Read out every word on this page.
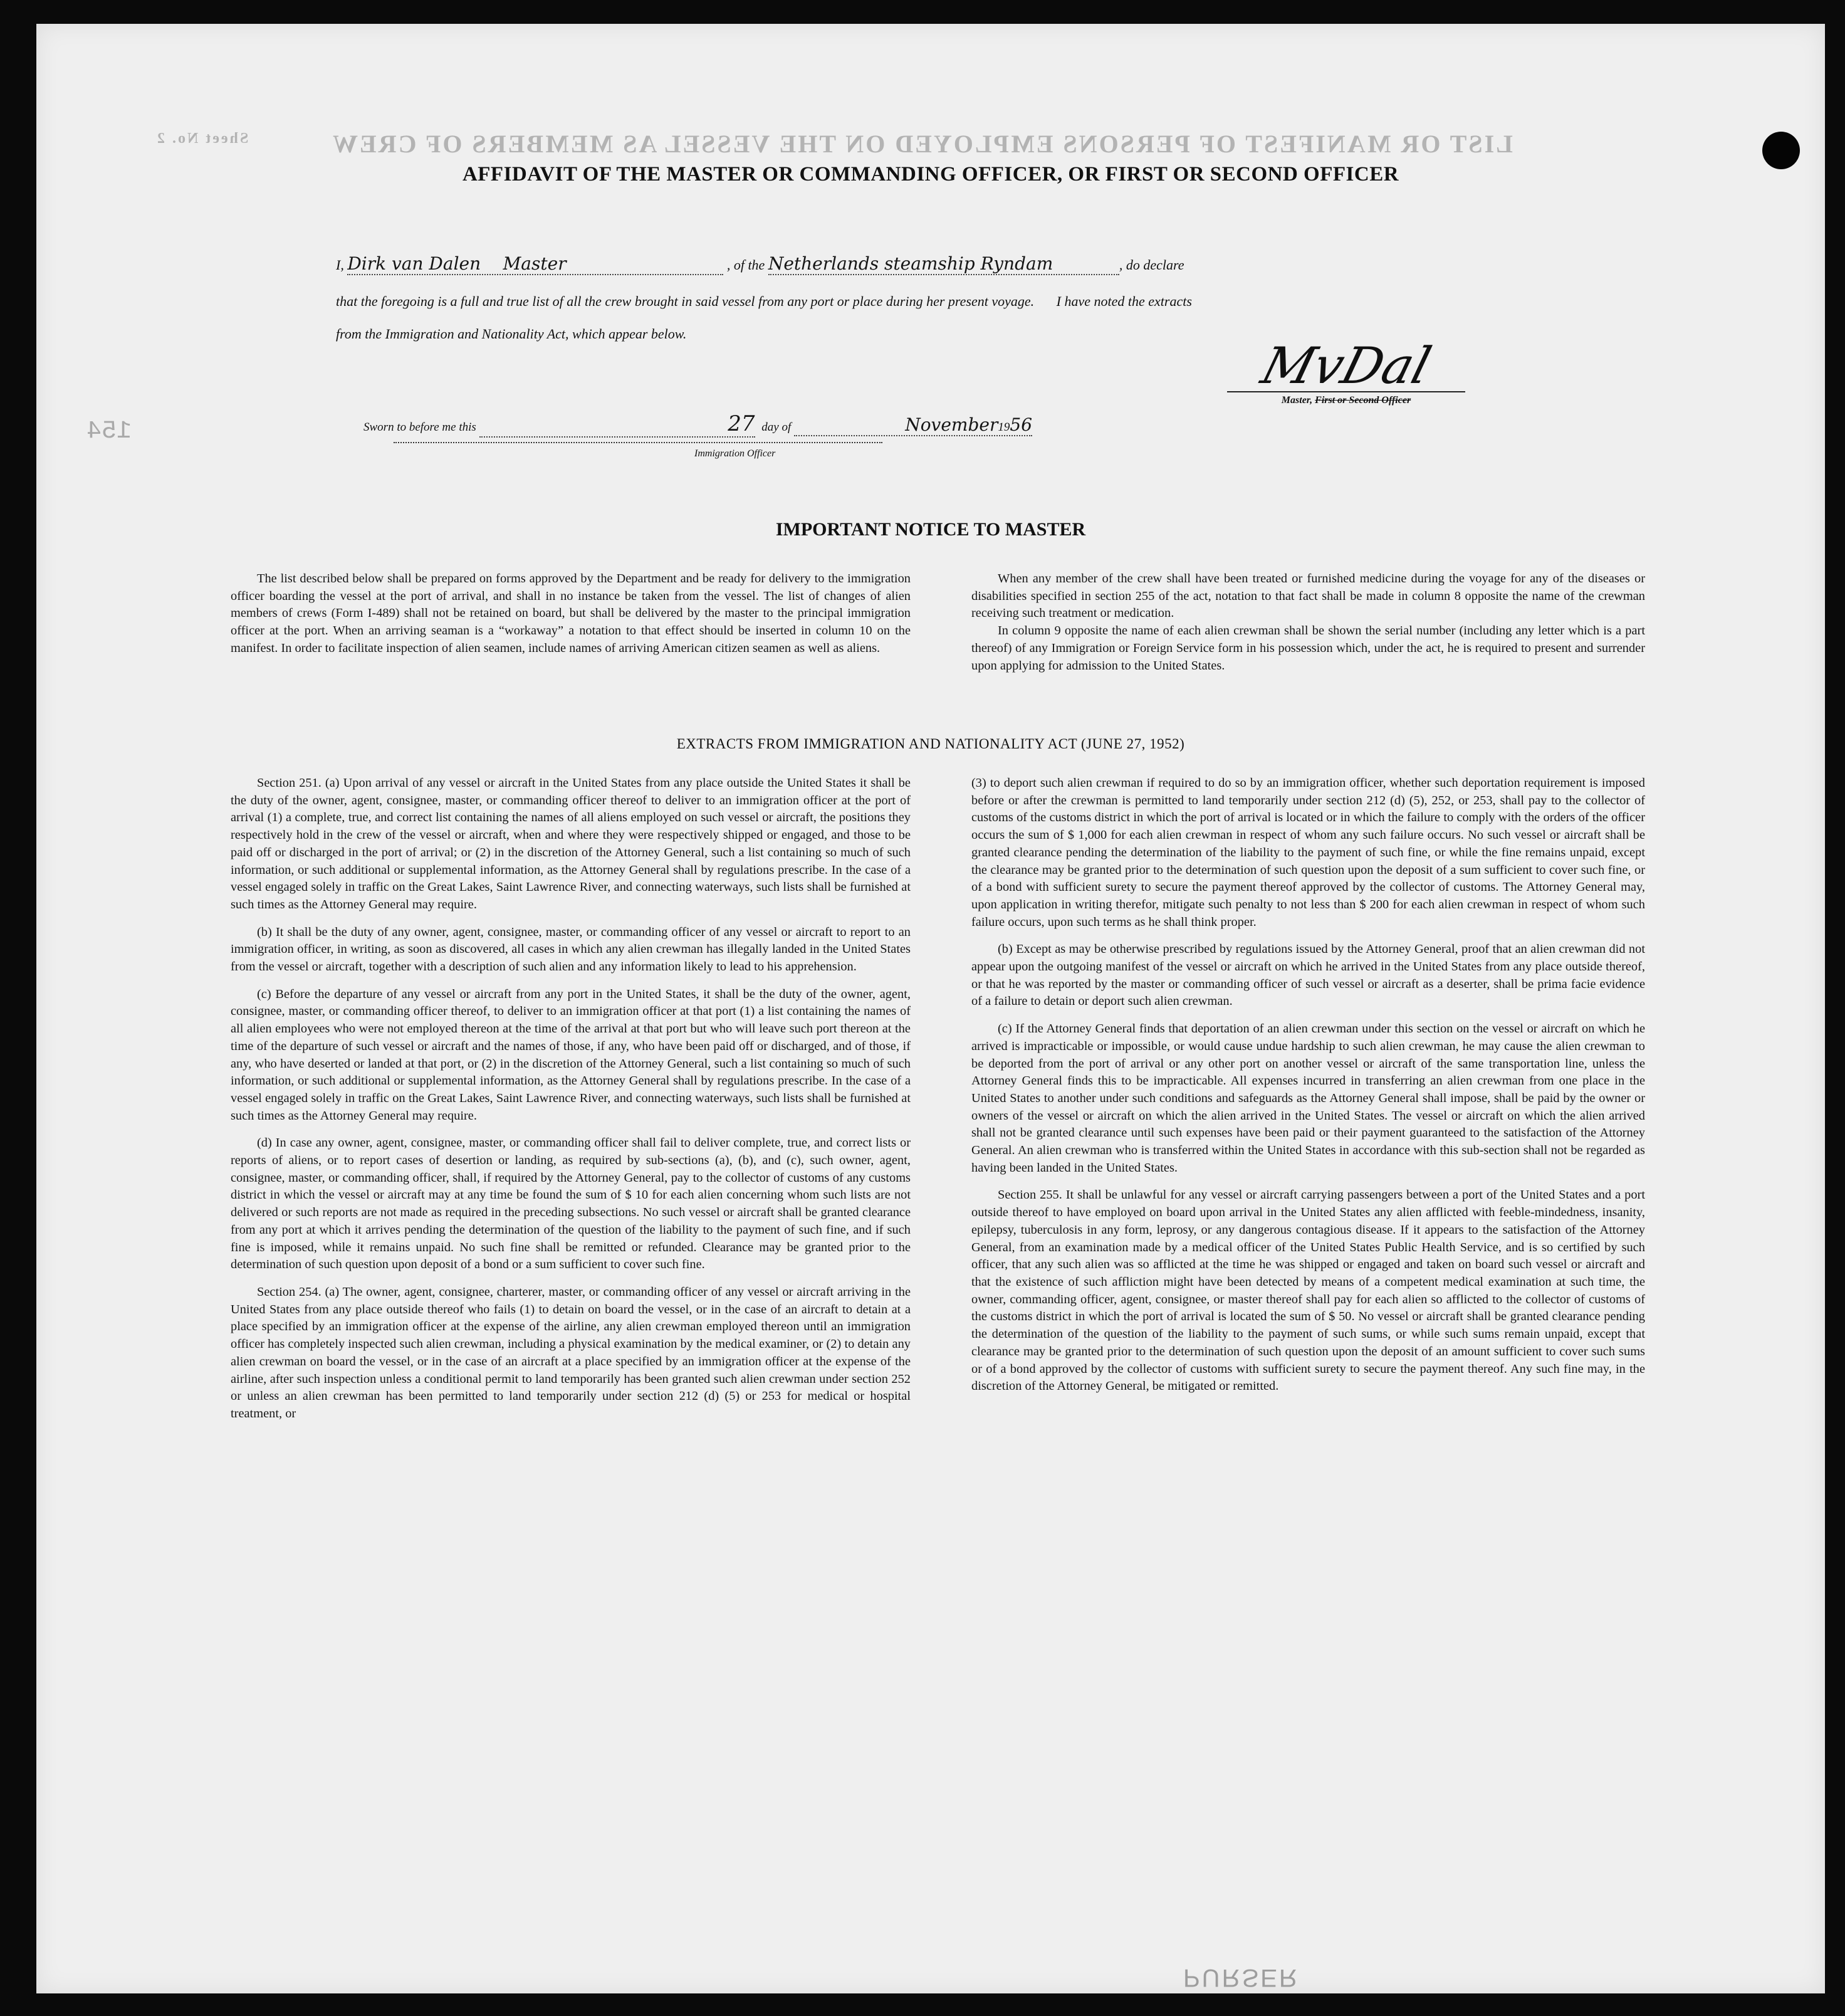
LIST OR MANIFEST OF PERSONS EMPLOYED ON THE VESSEL AS MEMBERS OF CREW
Sheet No. 2
154
PURSER
AFFIDAVIT OF THE MASTER OR COMMANDING OFFICER, OR FIRST OR SECOND OFFICER
I, Dirk van Dalen Master	, of the Netherlands steamship Ryndam	, do declare
that the foregoing is a full and true list of all the crew brought in said vessel from any port or place during her present voyage. I have noted the extracts
from the Immigration and Nationality Act, which appear below.
MvDal
Master, First or Second Officer
Sworn to before me this	27 day of	November1956
Immigration Officer
IMPORTANT NOTICE TO MASTER

The list described below shall be prepared on forms approved by the Department and be ready for delivery to the immigration officer boarding the vessel at the port of arrival, and shall in no instance be taken from the vessel. The list of changes of alien members of crews (Form I-489) shall not be retained on board, but shall be delivered by the master to the principal immigration officer at the port. When an arriving seaman is a “workaway” a notation to that effect should be inserted in column 10 on the manifest. In order to facilitate inspection of alien seamen, include names of arriving American citizen seamen as well as aliens.

When any member of the crew shall have been treated or furnished medicine during the voyage for any of the diseases or disabilities specified in section 255 of the act, notation to that fact shall be made in column 8 opposite the name of the crewman receiving such treatment or medication.

In column 9 opposite the name of each alien crewman shall be shown the serial number (including any letter which is a part thereof) of any Immigration or Foreign Service form in his possession which, under the act, he is required to present and surrender upon applying for admission to the United States.

EXTRACTS FROM IMMIGRATION AND NATIONALITY ACT (JUNE 27, 1952)

Section 251. (a) Upon arrival of any vessel or aircraft in the United States from any place outside the United States it shall be the duty of the owner, agent, consignee, master, or commanding officer thereof to deliver to an immigration officer at the port of arrival (1) a complete, true, and correct list containing the names of all aliens employed on such vessel or aircraft, the positions they respectively hold in the crew of the vessel or aircraft, when and where they were respectively shipped or engaged, and those to be paid off or discharged in the port of arrival; or (2) in the discretion of the Attorney General, such a list containing so much of such information, or such additional or supplemental information, as the Attorney General shall by regulations prescribe. In the case of a vessel engaged solely in traffic on the Great Lakes, Saint Lawrence River, and connecting waterways, such lists shall be furnished at such times as the Attorney General may require.

(b) It shall be the duty of any owner, agent, consignee, master, or commanding officer of any vessel or aircraft to report to an immigration officer, in writing, as soon as discovered, all cases in which any alien crewman has illegally landed in the United States from the vessel or aircraft, together with a description of such alien and any information likely to lead to his apprehension.

(c) Before the departure of any vessel or aircraft from any port in the United States, it shall be the duty of the owner, agent, consignee, master, or commanding officer thereof, to deliver to an immigration officer at that port (1) a list containing the names of all alien employees who were not employed thereon at the time of the arrival at that port but who will leave such port thereon at the time of the departure of such vessel or aircraft and the names of those, if any, who have been paid off or discharged, and of those, if any, who have deserted or landed at that port, or (2) in the discretion of the Attorney General, such a list containing so much of such information, or such additional or supplemental information, as the Attorney General shall by regulations prescribe. In the case of a vessel engaged solely in traffic on the Great Lakes, Saint Lawrence River, and connecting waterways, such lists shall be furnished at such times as the Attorney General may require.

(d) In case any owner, agent, consignee, master, or commanding officer shall fail to deliver complete, true, and correct lists or reports of aliens, or to report cases of desertion or landing, as required by sub-sections (a), (b), and (c), such owner, agent, consignee, master, or commanding officer, shall, if required by the Attorney General, pay to the collector of customs of any customs district in which the vessel or aircraft may at any time be found the sum of $ 10 for each alien concerning whom such lists are not delivered or such reports are not made as required in the preceding subsections. No such vessel or aircraft shall be granted clearance from any port at which it arrives pending the determination of the question of the liability to the payment of such fine, and if such fine is imposed, while it remains unpaid. No such fine shall be remitted or refunded. Clearance may be granted prior to the determination of such question upon deposit of a bond or a sum sufficient to cover such fine.

Section 254. (a) The owner, agent, consignee, charterer, master, or commanding officer of any vessel or aircraft arriving in the United States from any place outside thereof who fails (1) to detain on board the vessel, or in the case of an aircraft to detain at a place specified by an immigration officer at the expense of the airline, any alien crewman employed thereon until an immigration officer has completely inspected such alien crewman, including a physical examination by the medical examiner, or (2) to detain any alien crewman on board the vessel, or in the case of an aircraft at a place specified by an immigration officer at the expense of the airline, after such inspection unless a conditional permit to land temporarily has been granted such alien crewman under section 252 or unless an alien crewman has been permitted to land temporarily under section 212 (d) (5) or 253 for medical or hospital treatment, or

(3) to deport such alien crewman if required to do so by an immigration officer, whether such deportation requirement is imposed before or after the crewman is permitted to land temporarily under section 212 (d) (5), 252, or 253, shall pay to the collector of customs of the customs district in which the port of arrival is located or in which the failure to comply with the orders of the officer occurs the sum of $ 1,000 for each alien crewman in respect of whom any such failure occurs. No such vessel or aircraft shall be granted clearance pending the determination of the liability to the payment of such fine, or while the fine remains unpaid, except the clearance may be granted prior to the determination of such question upon the deposit of a sum sufficient to cover such fine, or of a bond with sufficient surety to secure the payment thereof approved by the collector of customs. The Attorney General may, upon application in writing therefor, mitigate such penalty to not less than $ 200 for each alien crewman in respect of whom such failure occurs, upon such terms as he shall think proper.

(b) Except as may be otherwise prescribed by regulations issued by the Attorney General, proof that an alien crewman did not appear upon the outgoing manifest of the vessel or aircraft on which he arrived in the United States from any place outside thereof, or that he was reported by the master or commanding officer of such vessel or aircraft as a deserter, shall be prima facie evidence of a failure to detain or deport such alien crewman.

(c) If the Attorney General finds that deportation of an alien crewman under this section on the vessel or aircraft on which he arrived is impracticable or impossible, or would cause undue hardship to such alien crewman, he may cause the alien crewman to be deported from the port of arrival or any other port on another vessel or aircraft of the same transportation line, unless the Attorney General finds this to be impracticable. All expenses incurred in transferring an alien crewman from one place in the United States to another under such conditions and safeguards as the Attorney General shall impose, shall be paid by the owner or owners of the vessel or aircraft on which the alien arrived in the United States. The vessel or aircraft on which the alien arrived shall not be granted clearance until such expenses have been paid or their payment guaranteed to the satisfaction of the Attorney General. An alien crewman who is transferred within the United States in accordance with this sub-section shall not be regarded as having been landed in the United States.

Section 255. It shall be unlawful for any vessel or aircraft carrying passengers between a port of the United States and a port outside thereof to have employed on board upon arrival in the United States any alien afflicted with feeble-mindedness, insanity, epilepsy, tuberculosis in any form, leprosy, or any dangerous contagious disease. If it appears to the satisfaction of the Attorney General, from an examination made by a medical officer of the United States Public Health Service, and is so certified by such officer, that any such alien was so afflicted at the time he was shipped or engaged and taken on board such vessel or aircraft and that the existence of such affliction might have been detected by means of a competent medical examination at such time, the owner, commanding officer, agent, consignee, or master thereof shall pay for each alien so afflicted to the collector of customs of the customs district in which the port of arrival is located the sum of $ 50. No vessel or aircraft shall be granted clearance pending the determination of the question of the liability to the payment of such sums, or while such sums remain unpaid, except that clearance may be granted prior to the determination of such question upon the deposit of an amount sufficient to cover such sums or of a bond approved by the collector of customs with sufficient surety to secure the payment thereof. Any such fine may, in the discretion of the Attorney General, be mitigated or remitted.
